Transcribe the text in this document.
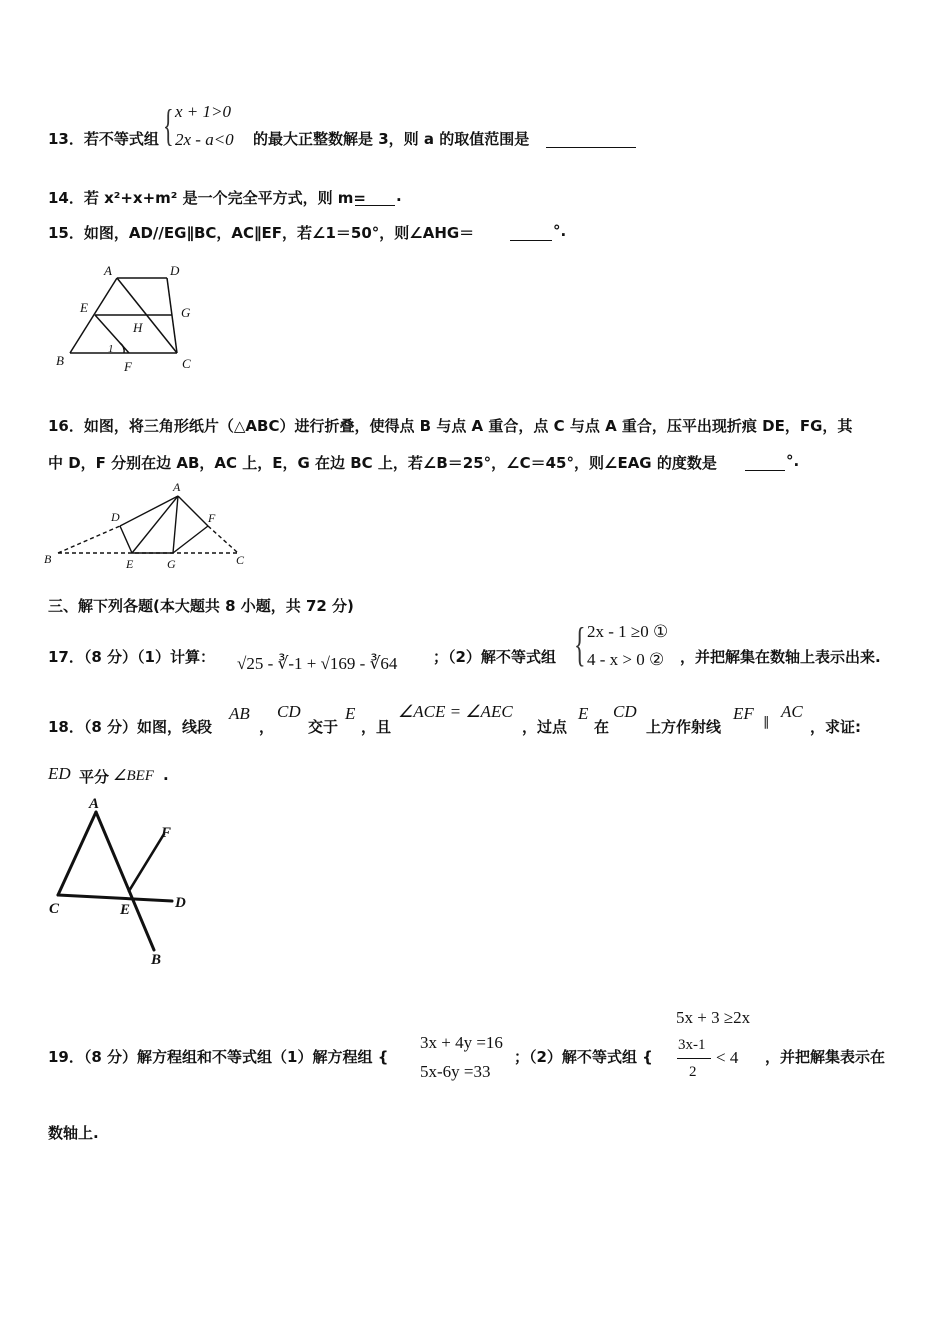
13．若不等式组 { x + 1>0
2x - a<0 的最大正整数解是 3，则 a 的取值范围是
14．若 x²+x+m² 是一个完全平方式，则 m= .
15．如图，AD//EG∥BC，AC∥EF，若∠1＝50°，则∠AHG＝	°.
A	D
E	G
H
B
1
F	C
16．如图，将三角形纸片（△ABC）进行折叠，使得点 B 与点 A 重合，点 C 与点 A 重合，压平出现折痕 DE，FG，其
中 D，F 分别在边 AB，AC 上，E，G 在边 BC 上，若∠B＝25°，∠C＝45°，则∠EAG 的度数是	°.
A
D	F
B	E	G	C
三、解下列各题(本大题共 8 小题，共 72 分)
17．（8 分）（1）计算： √25 - ∛-1 + √169 - ∛64 ；（2）解不等式组 { 2x - 1 ≥0 ①
4 - x > 0 ② ，并把解集在数轴上表示出来.
18．（8 分）如图，线段
AB
，
CD
交于
E
，且
∠ACE = ∠AEC
，过点
E
在
CD
上方作射线
EF ∥
AC
，求证:
ED 平分 ∠BEF .
A
F
C	E	D
B
19．（8 分）解方程组和不等式组（1）解方程组 {
3x + 4y =16
5x-6y =33
；（2）解不等式组 {
5x + 3 ≥2x
3x-1
2
< 4 ，并把解集表示在
数轴上.
